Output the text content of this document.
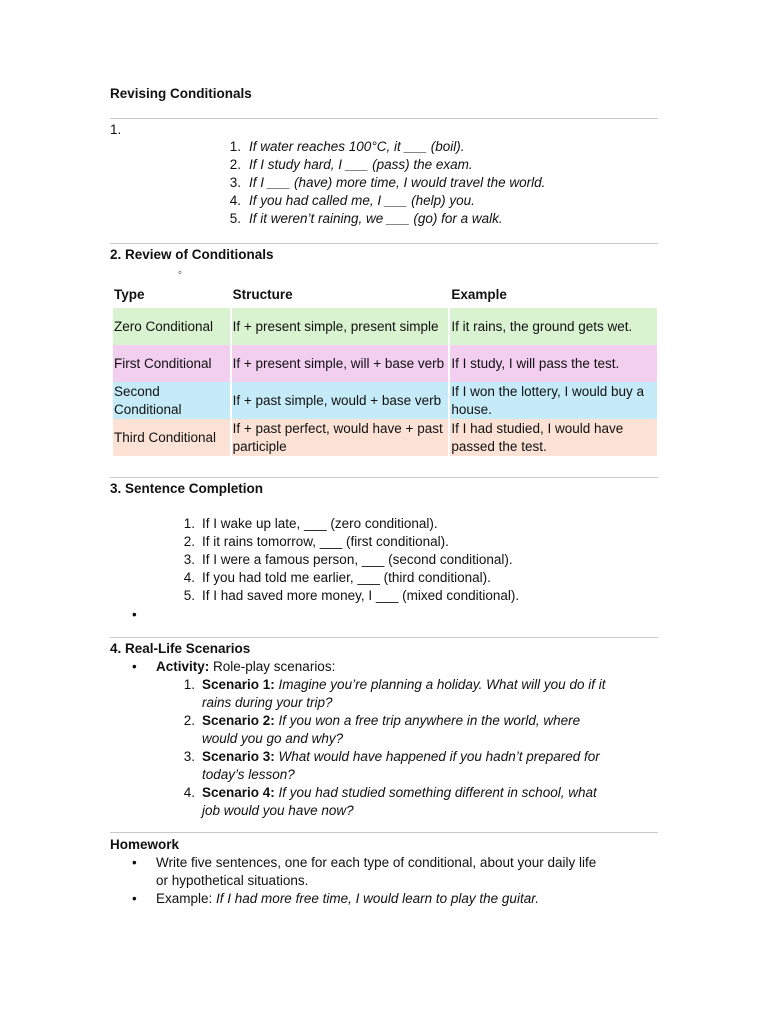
Revising Conditionals
1.
1. If water reaches 100°C, it ___ (boil).
2. If I study hard, I ___ (pass) the exam.
3. If I ___ (have) more time, I would travel the world.
4. If you had called me, I ___ (help) you.
5. If it weren’t raining, we ___ (go) for a walk.
2. Review of Conditionals
◦
Type	Structure	Example
Zero Conditional	If + present simple, present simple	If it rains, the ground gets wet.
First Conditional	If + present simple, will + base verb	If I study, I will pass the test.
Second Conditional	If + past simple, would + base verb	If I won the lottery, I would buy a house.
Third Conditional	If + past perfect, would have + past participle	If I had studied, I would have passed the test.
3. Sentence Completion
1. If I wake up late, ___ (zero conditional).
2. If it rains tomorrow, ___ (first conditional).
3. If I were a famous person, ___ (second conditional).
4. If you had told me earlier, ___ (third conditional).
5. If I had saved more money, I ___ (mixed conditional).
•
4. Real-Life Scenarios
• Activity: Role-play scenarios:
1. Scenario 1: Imagine you’re planning a holiday. What will you do if it
rains during your trip?
2. Scenario 2: If you won a free trip anywhere in the world, where
would you go and why?
3. Scenario 3: What would have happened if you hadn’t prepared for
today’s lesson?
4. Scenario 4: If you had studied something different in school, what
job would you have now?
Homework
• Write five sentences, one for each type of conditional, about your daily life
or hypothetical situations.
• Example: If I had more free time, I would learn to play the guitar.
